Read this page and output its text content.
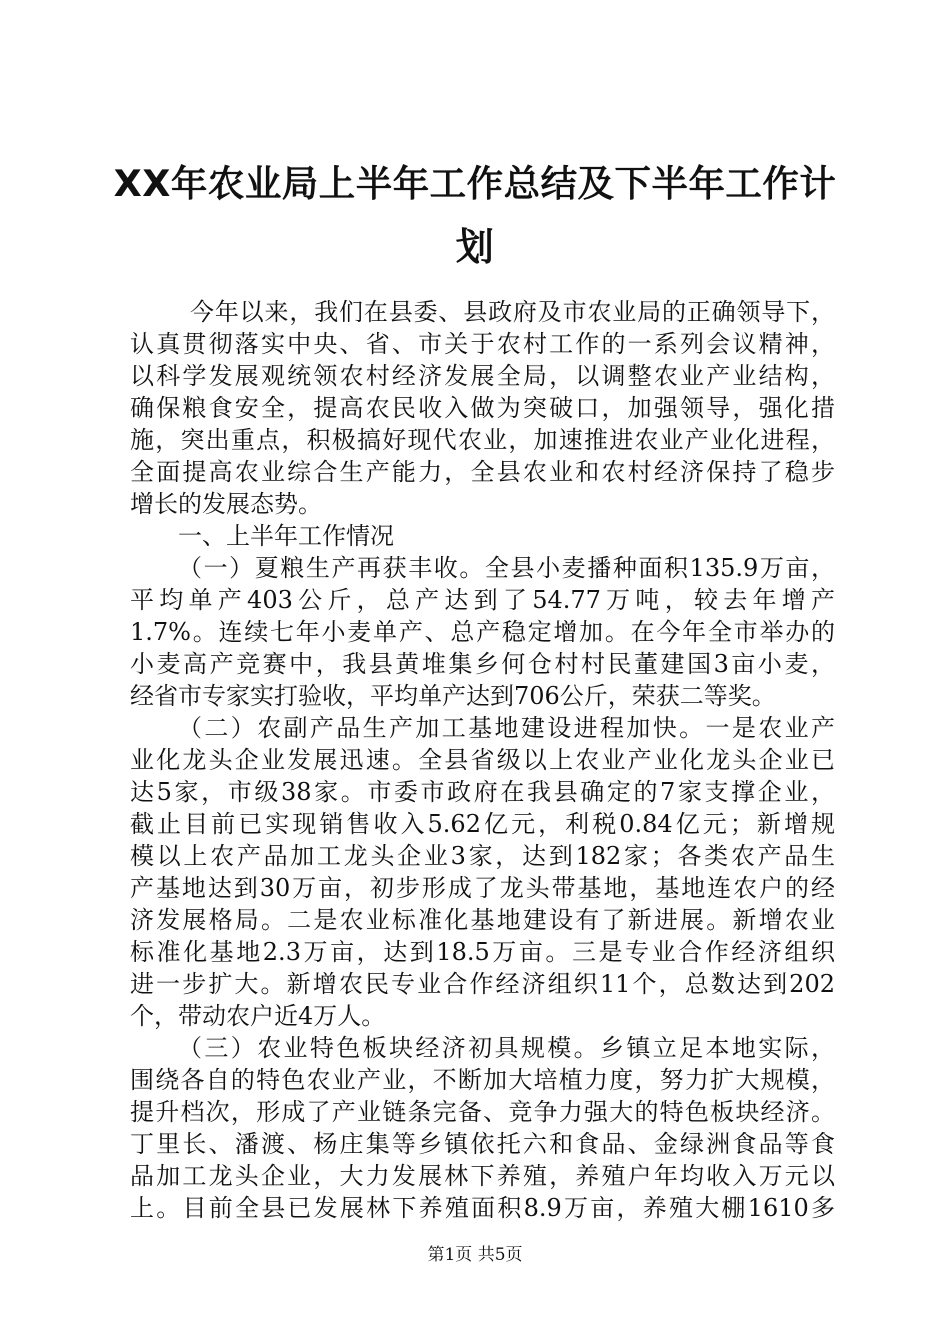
XX年农业局上半年工作总结及下半年工作计
划
今年以来，我们在县委、县政府及市农业局的正确领导下，
认真贯彻落实中央、省、市关于农村工作的一系列会议精神，
以科学发展观统领农村经济发展全局，以调整农业产业结构，
确保粮食安全，提高农民收入做为突破口，加强领导，强化措
施，突出重点，积极搞好现代农业，加速推进农业产业化进程，
全面提高农业综合生产能力，全县农业和农村经济保持了稳步
增长的发展态势。
一、上半年工作情况
（一）夏粮生产再获丰收。全县小麦播种面积135.9万亩，
平均单产403公斤，总产达到了54.77万吨，较去年增产
1.7%。连续七年小麦单产、总产稳定增加。在今年全市举办的
小麦高产竞赛中，我县黄堆集乡何仓村村民董建国3亩小麦，
经省市专家实打验收，平均单产达到706公斤，荣获二等奖。
（二）农副产品生产加工基地建设进程加快。一是农业产
业化龙头企业发展迅速。全县省级以上农业产业化龙头企业已
达5家，市级38家。市委市政府在我县确定的7家支撑企业，
截止目前已实现销售收入5.62亿元，利税0.84亿元；新增规
模以上农产品加工龙头企业3家，达到182家；各类农产品生
产基地达到30万亩，初步形成了龙头带基地，基地连农户的经
济发展格局。二是农业标准化基地建设有了新进展。新增农业
标准化基地2.3万亩，达到18.5万亩。三是专业合作经济组织
进一步扩大。新增农民专业合作经济组织11个，总数达到202
个，带动农户近4万人。
（三）农业特色板块经济初具规模。乡镇立足本地实际，
围绕各自的特色农业产业，不断加大培植力度，努力扩大规模，
提升档次，形成了产业链条完备、竞争力强大的特色板块经济。
丁里长、潘渡、杨庄集等乡镇依托六和食品、金绿洲食品等食
品加工龙头企业，大力发展林下养殖，养殖户年均收入万元以
上。目前全县已发展林下养殖面积8.9万亩，养殖大棚1610多
第1页 共5页
